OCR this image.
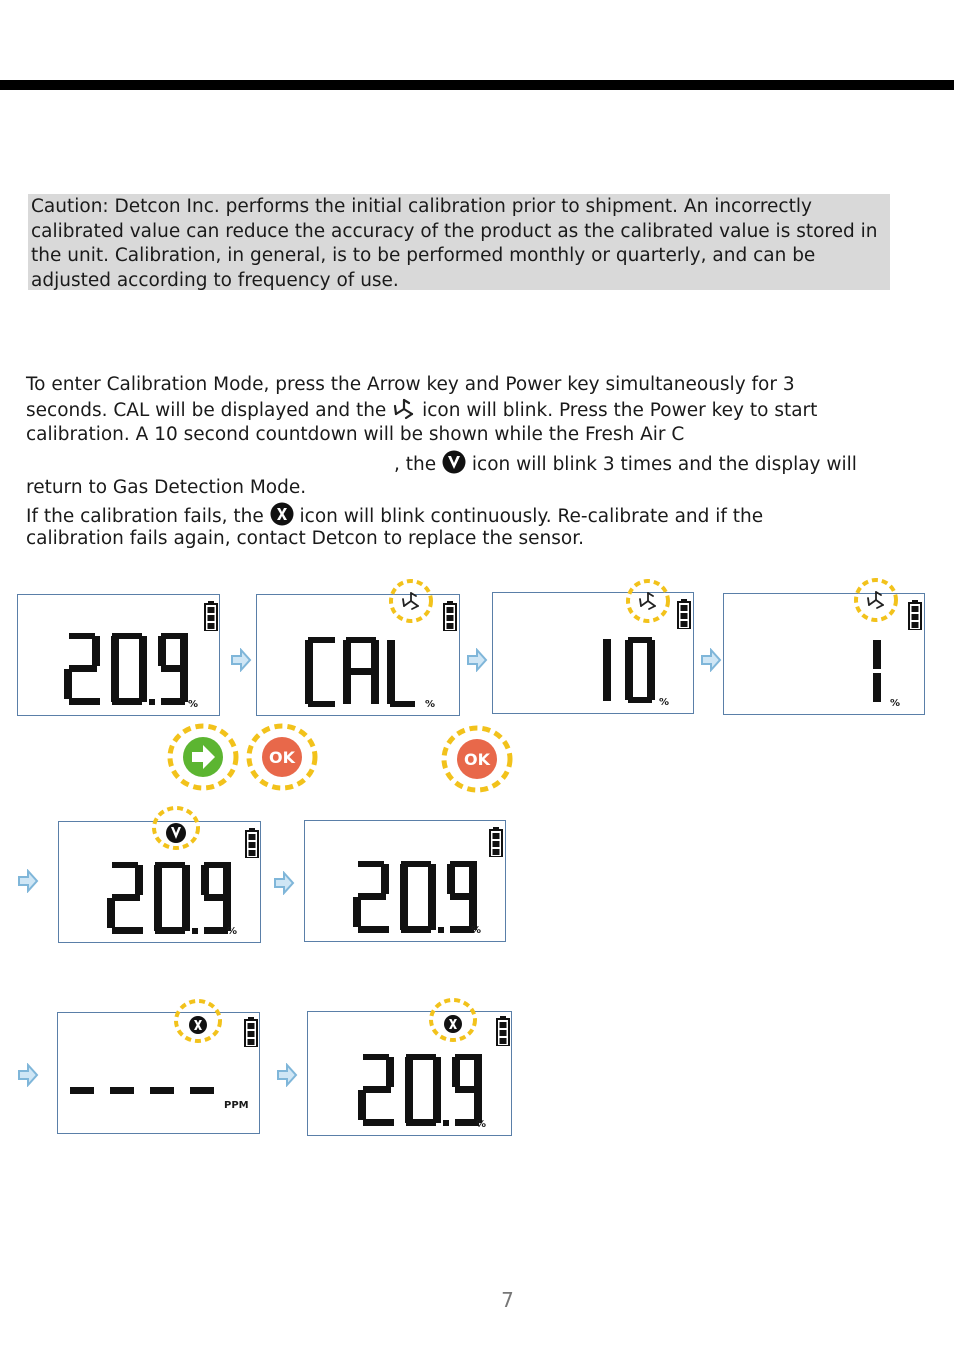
Caution: Detcon Inc. performs the initial calibration prior to shipment. An incorrectly
calibrated value can reduce the accuracy of the product as the calibrated value is stored in
the unit. Calibration, in general, is to be performed monthly or quarterly, and can be
adjusted according to frequency of use.
To enter Calibration Mode, press the Arrow key and Power key simultaneously for 3
seconds. CAL will be displayed and the  icon will blink. Press the Power key to start
calibration. A 10 second countdown will be shown while the Fresh Air C
, the  icon will blink 3 times and the display will
return to Gas Detection Mode.
If the calibration fails, the  icon will blink continuously. Re-calibrate and if the
calibration fails again, contact Detcon to replace the sensor.
%	%	%	%
OK	OK
%	%
PPM
%
7
